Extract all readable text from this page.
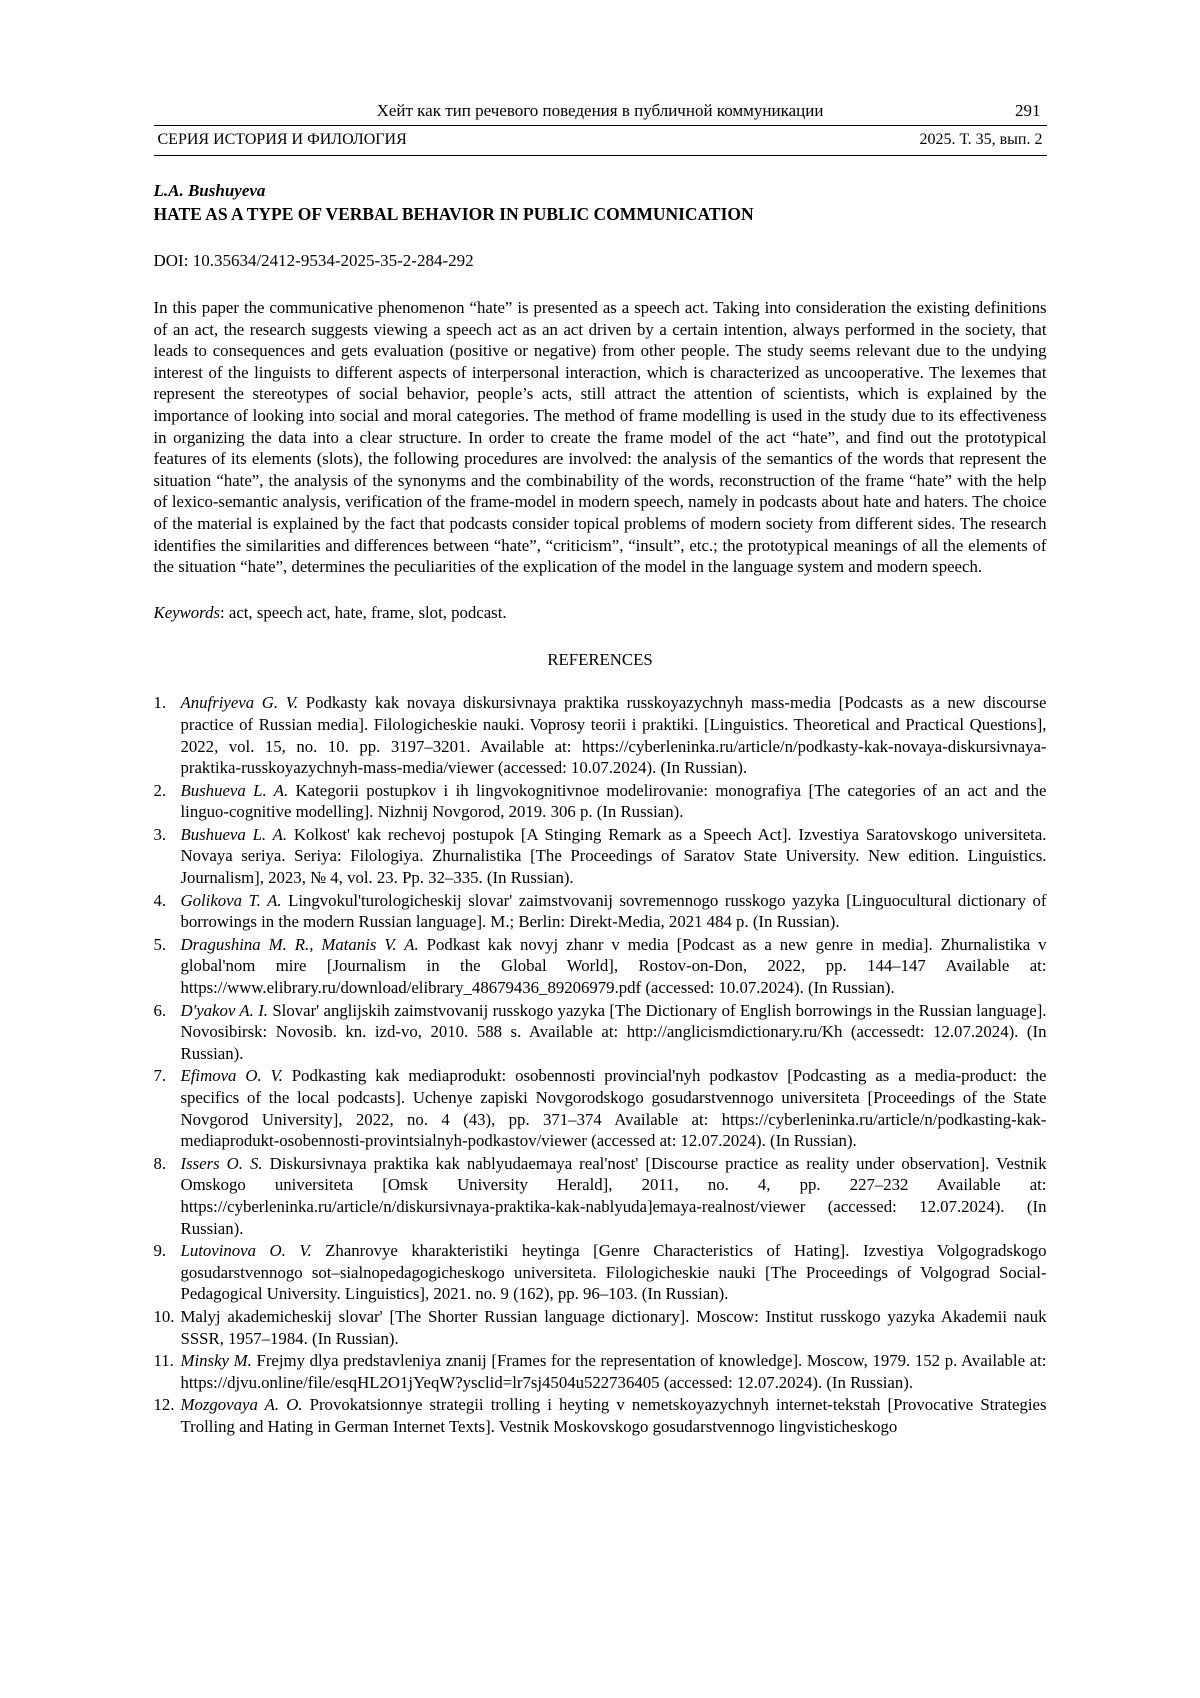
Хейт как тип речевого поведения в публичной коммуникации	291
СЕРИЯ ИСТОРИЯ И ФИЛОЛОГИЯ	2025. Т. 35, вып. 2
L.A. Bushuyeva
HATE AS A TYPE OF VERBAL BEHAVIOR IN PUBLIC COMMUNICATION
DOI: 10.35634/2412-9534-2025-35-2-284-292
In this paper the communicative phenomenon “hate” is presented as a speech act. Taking into consideration the existing definitions of an act, the research suggests viewing a speech act as an act driven by a certain intention, always performed in the society, that leads to consequences and gets evaluation (positive or negative) from other people. The study seems relevant due to the undying interest of the linguists to different aspects of interpersonal interaction, which is characterized as uncooperative. The lexemes that represent the stereotypes of social behavior, people’s acts, still attract the attention of scientists, which is explained by the importance of looking into social and moral categories. The method of frame modelling is used in the study due to its effectiveness in organizing the data into a clear structure. In order to create the frame model of the act “hate”, and find out the prototypical features of its elements (slots), the following procedures are involved: the analysis of the semantics of the words that represent the situation “hate”, the analysis of the synonyms and the combinability of the words, reconstruction of the frame “hate” with the help of lexico-semantic analysis, verification of the frame-model in modern speech, namely in podcasts about hate and haters. The choice of the material is explained by the fact that podcasts consider topical problems of modern society from different sides. The research identifies the similarities and differences between “hate”, “criticism”, “insult”, etc.; the prototypical meanings of all the elements of the situation “hate”, determines the peculiarities of the explication of the model in the language system and modern speech.
Keywords: act, speech act, hate, frame, slot, podcast.
REFERENCES
1. Anufriyeva G. V. Podkasty kak novaya diskursivnaya praktika russkoyazychnyh mass-media [Podcasts as a new discourse practice of Russian media]. Filologicheskie nauki. Voprosy teorii i praktiki. [Linguistics. Theoretical and Practical Questions], 2022, vol. 15, no. 10. pp. 3197–3201. Available at: https://cyberleninka.ru/article/n/podkasty-kak-novaya-diskursivnaya-praktika-russkoyazychnyh-mass-media/viewer (accessed: 10.07.2024). (In Russian).
2. Bushueva L. A. Kategorii postupkov i ih lingvokognitivnoe modelirovanie: monografiya [The categories of an act and the linguo-cognitive modelling]. Nizhnij Novgorod, 2019. 306 p. (In Russian).
3. Bushueva L. A. Kolkost' kak rechevoj postupok [A Stinging Remark as a Speech Act]. Izvestiya Saratovskogo universiteta. Novaya seriya. Seriya: Filologiya. Zhurnalistika [The Proceedings of Saratov State University. New edition. Linguistics. Journalism], 2023, № 4, vol. 23. Pp. 32–335. (In Russian).
4. Golikova T. A. Lingvokul'turologicheskij slovar' zaimstvovanij sovremennogo russkogo yazyka [Linguocultural dictionary of borrowings in the modern Russian language]. M.; Berlin: Direkt-Media, 2021 484 p. (In Russian).
5. Dragushina M. R., Matanis V. A. Podkast kak novyj zhanr v media [Podcast as a new genre in media]. Zhurnalistika v global'nom mire [Journalism in the Global World], Rostov-on-Don, 2022, pp. 144–147 Available at: https://www.elibrary.ru/download/elibrary_48679436_89206979.pdf (accessed: 10.07.2024). (In Russian).
6. D'yakov A. I. Slovar' anglijskih zaimstvovanij russkogo yazyka [The Dictionary of English borrowings in the Russian language]. Novosibirsk: Novosib. kn. izd-vo, 2010. 588 s. Available at: http://anglicismdictionary.ru/Kh (accessedt: 12.07.2024). (In Russian).
7. Efimova O. V. Podkasting kak mediaprodukt: osobennosti provincial'nyh podkastov [Podcasting as a media-product: the specifics of the local podcasts]. Uchenye zapiski Novgorodskogo gosudarstvennogo universiteta [Proceedings of the State Novgorod University], 2022, no. 4 (43), pp. 371–374 Available at: https://cyberleninka.ru/article/n/podkasting-kak-mediaprodukt-osobennosti-provintsialnyh-podkastov/viewer (accessed at: 12.07.2024). (In Russian).
8. Issers O. S. Diskursivnaya praktika kak nablyudaemaya real'nost' [Discourse practice as reality under observation]. Vestnik Omskogo universiteta [Omsk University Herald], 2011, no. 4, pp. 227–232 Available at: https://cyberleninka.ru/article/n/diskursivnaya-praktika-kak-nablyuda]emaya-realnost/viewer (accessed: 12.07.2024). (In Russian).
9. Lutovinova O. V. Zhanrovye kharakteristiki heytinga [Genre Characteristics of Hating]. Izvestiya Volgogradskogo gosudarstvennogo sot–sialnopedagogicheskogo universiteta. Filologicheskie nauki [The Proceedings of Volgograd Social-Pedagogical University. Linguistics], 2021. no. 9 (162), pp. 96–103. (In Russian).
10. Malyj akademicheskij slovar' [The Shorter Russian language dictionary]. Moscow: Institut russkogo yazyka Akademii nauk SSSR, 1957–1984. (In Russian).
11. Minsky M. Frejmy dlya predstavleniya znanij [Frames for the representation of knowledge]. Moscow, 1979. 152 p. Available at: https://djvu.online/file/esqHL2O1jYeqW?ysclid=lr7sj4504u522736405 (accessed: 12.07.2024). (In Russian).
12. Mozgovaya A. O. Provokatsionnye strategii trolling i heyting v nemetskoyazychnyh internet-tekstah [Provocative Strategies Trolling and Hating in German Internet Texts]. Vestnik Moskovskogo gosudarstvennogo lingvisticheskogo
